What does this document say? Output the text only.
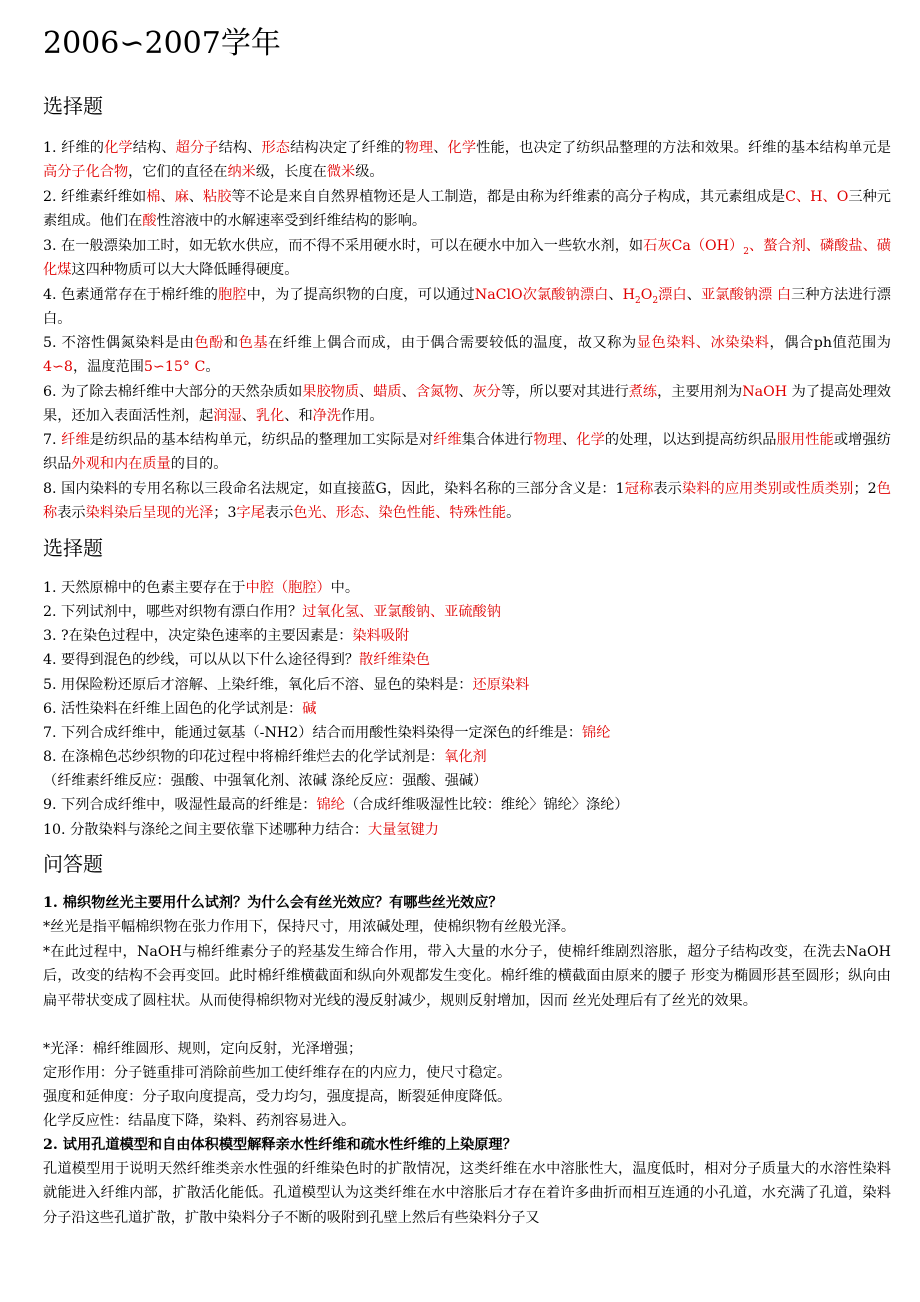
2006∽2007学年
选择题
1. 纤维的化学结构、超分子结构、形态结构决定了纤维的物理、化学性能，也决定了纺织品整理的方法和效果。纤维的基本结构单元是高分子化合物，它们的直径在纳米级，长度在微米级。
2. 纤维素纤维如棉、麻、粘胶等不论是来自自然界植物还是人工制造，都是由称为纤维素的高分子构成，其元素组成是C、H、O三种元素组成。他们在酸性溶液中的水解速率受到纤维结构的影响。
3. 在一般漂染加工时，如无软水供应，而不得不采用硬水时，可以在硬水中加入一些软水剂，如石灰$Ca(OH)_2$、螯合剂、磷酸盐、磺化煤这四种物质可以大大降低睡得硬度。
4. 色素通常存在于棉纤维的胞腔中，为了提高织物的白度，可以通过NaClO次氯酸钠漂白、$H_2O_2$漂白、亚氯酸钠漂 白三种方法进行漂白。
5. 不溶性偶氮染料是由色酚和色基在纤维上偶合而成，由于偶合需要较低的温度，故又称为显色染料、冰染染料，偶合ph值范围为4∽8，温度范围5∽15° C。
6. 为了除去棉纤维中大部分的天然杂质如果胶物质、蜡质、含氮物、灰分等，所以要对其进行煮练，主要用剂为NaOH 为了提高处理效果，还加入表面活性剂，起润湿、乳化、和净洗作用。
7. 纤维是纺织品的基本结构单元，纺织品的整理加工实际是对纤维集合体进行物理、化学的处理，以达到提高纺织品服用性能或增强纺织品外观和内在质量的目的。
8. 国内染料的专用名称以三段命名法规定，如直接蓝G，因此，染料名称的三部分含义是：1冠称表示染料的应用类别或性质类别；2色称表示染料染后呈现的光泽；3字尾表示色光、形态、染色性能、特殊性能。
选择题
1. 天然原棉中的色素主要存在于中腔（胞腔）中。
2. 下列试剂中，哪些对织物有漂白作用？过氧化氢、亚氯酸钠、亚硫酸钠
3. ?在染色过程中，决定染色速率的主要因素是：染料吸附
4. 要得到混色的纱线，可以从以下什么途径得到？散纤维染色
5. 用保险粉还原后才溶解、上染纤维，氧化后不溶、显色的染料是：还原染料
6. 活性染料在纤维上固色的化学试剂是：碱
7. 下列合成纤维中，能通过氨基（-NH2）结合而用酸性染料染得一定深色的纤维是：锦纶
8. 在涤棉色芯纱织物的印花过程中将棉纤维烂去的化学试剂是：氧化剂
（纤维素纤维反应：强酸、中强氧化剂、浓碱 涤纶反应：强酸、强碱）
9. 下列合成纤维中，吸湿性最高的纤维是：锦纶（合成纤维吸湿性比较：维纶〉锦纶〉涤纶）
10. 分散染料与涤纶之间主要依靠下述哪种力结合：大量氢键力
问答题
1. 棉织物丝光主要用什么试剂？为什么会有丝光效应？有哪些丝光效应？
*丝光是指平幅棉织物在张力作用下，保持尺寸，用浓碱处理，使棉织物有丝般光泽。
*在此过程中，NaOH与棉纤维素分子的羟基发生缔合作用，带入大量的水分子，使棉纤维剧烈溶胀，超分子结构改变，在洗去NaOH后，改变的结构不会再变回。此时棉纤维横截面和纵向外观都发生变化。棉纤维的横截面由原来的腰子 形变为椭圆形甚至圆形；纵向由扁平带状变成了圆柱状。从而使得棉织物对光线的漫反射减少，规则反射增加，因而 丝光处理后有了丝光的效果。
*光泽：棉纤维圆形、规则，定向反射，光泽增强；
定形作用：分子链重排可消除前些加工使纤维存在的内应力，使尺寸稳定。
强度和延伸度：分子取向度提高，受力均匀，强度提高，断裂延伸度降低。
化学反应性：结晶度下降，染料、药剂容易进入。
2. 试用孔道模型和自由体积模型解释亲水性纤维和疏水性纤维的上染原理？
孔道模型用于说明天然纤维类亲水性强的纤维染色时的扩散情况，这类纤维在水中溶胀性大，温度低时，相对分子质量大的水溶性染料就能进入纤维内部，扩散活化能低。孔道模型认为这类纤维在水中溶胀后才存在着许多曲折而相互连通的小孔道，水充满了孔道，染料分子沿这些孔道扩散，扩散中染料分子不断的吸附到孔壁上然后有些染料分子又
